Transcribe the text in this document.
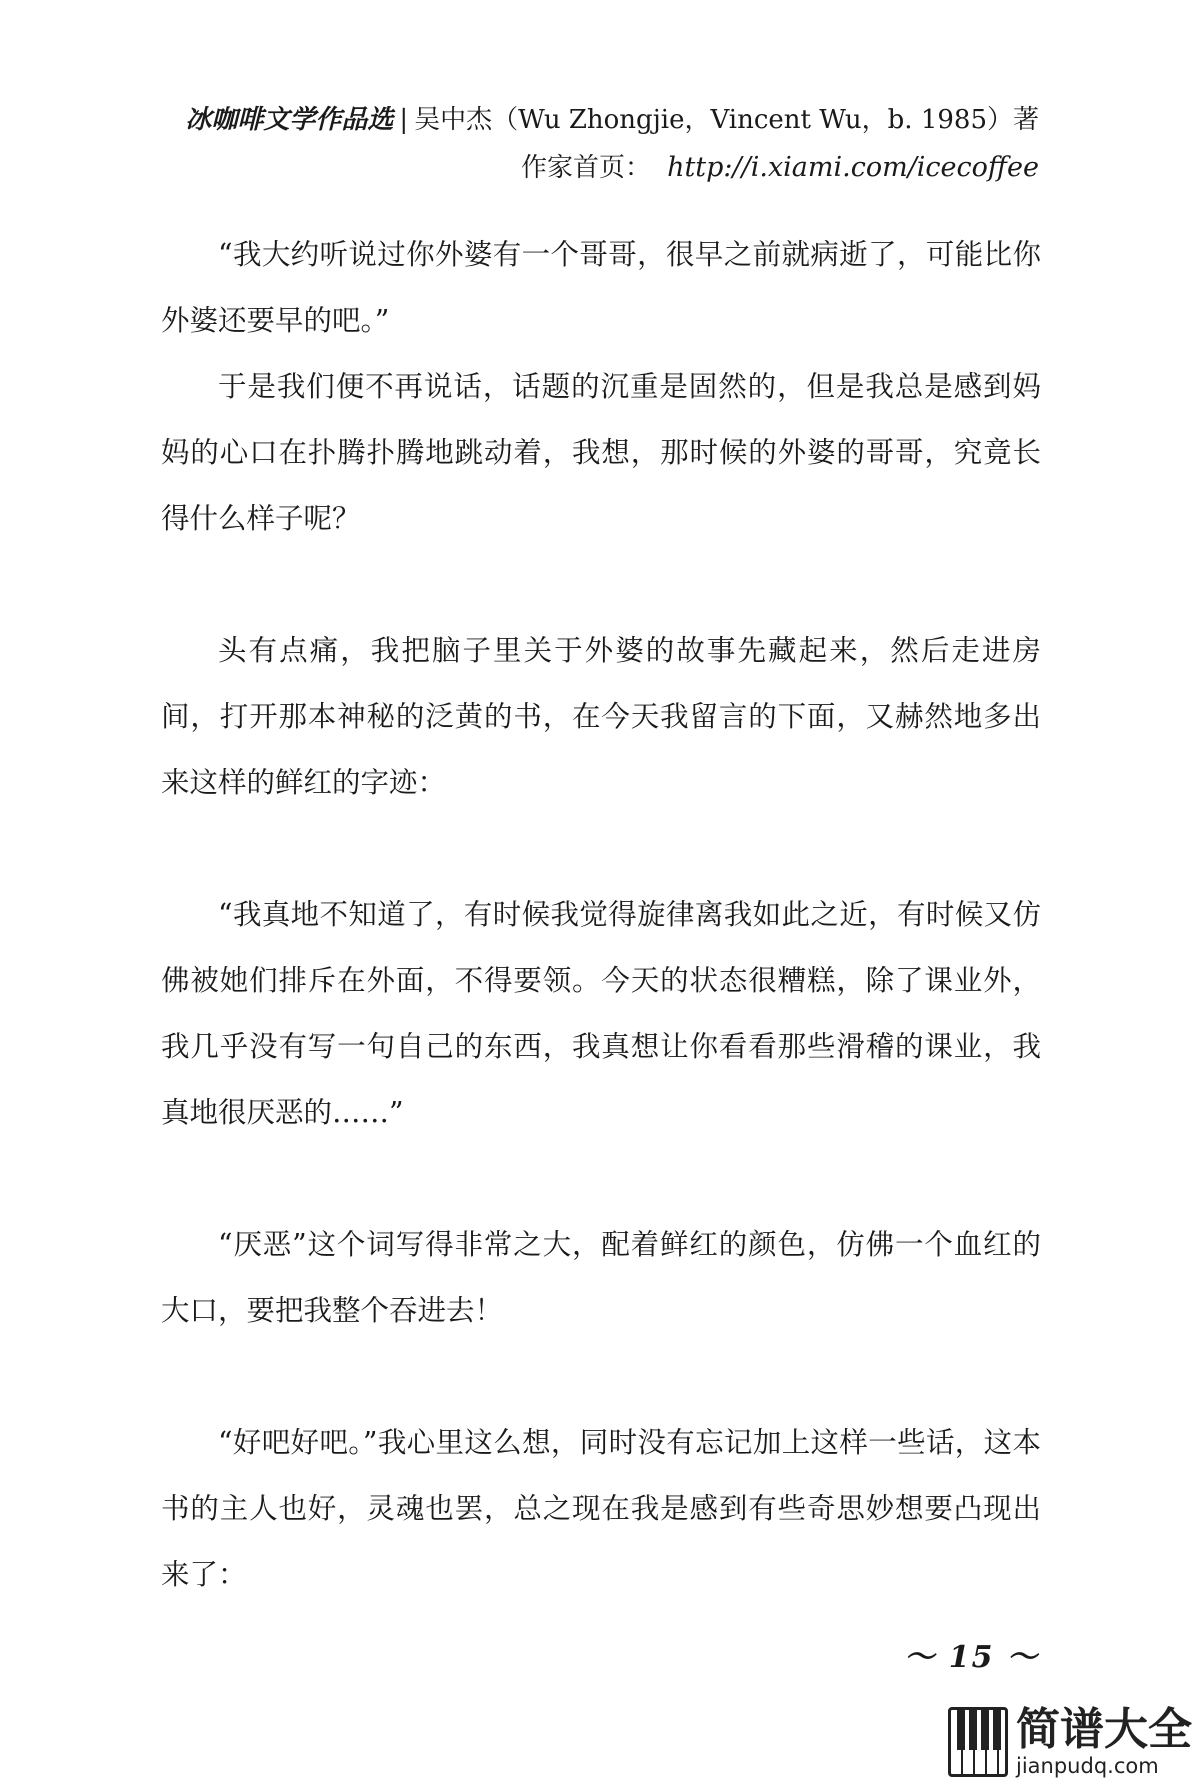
冰咖啡文学作品选 | 吴中杰（Wu Zhongjie，Vincent Wu，b. 1985）著
作家首页： http://i.xiami.com/icecoffee

“我大约听说过你外婆有一个哥哥，很早之前就病逝了，可能比你外婆还要早的吧。”

于是我们便不再说话，话题的沉重是固然的，但是我总是感到妈妈的心口在扑腾扑腾地跳动着，我想，那时候的外婆的哥哥，究竟长得什么样子呢？

头有点痛，我把脑子里关于外婆的故事先藏起来，然后走进房间，打开那本神秘的泛黄的书，在今天我留言的下面，又赫然地多出来这样的鲜红的字迹：

“我真地不知道了，有时候我觉得旋律离我如此之近，有时候又仿佛被她们排斥在外面，不得要领。今天的状态很糟糕，除了课业外，我几乎没有写一句自己的东西，我真想让你看看那些滑稽的课业，我真地很厌恶的……”

“厌恶”这个词写得非常之大，配着鲜红的颜色，仿佛一个血红的大口，要把我整个吞进去！

“好吧好吧。”我心里这么想，同时没有忘记加上这样一些话，这本书的主人也好，灵魂也罢，总之现在我是感到有些奇思妙想要凸现出来了：

～ 15 ～
简谱大全
jianpudq.com
